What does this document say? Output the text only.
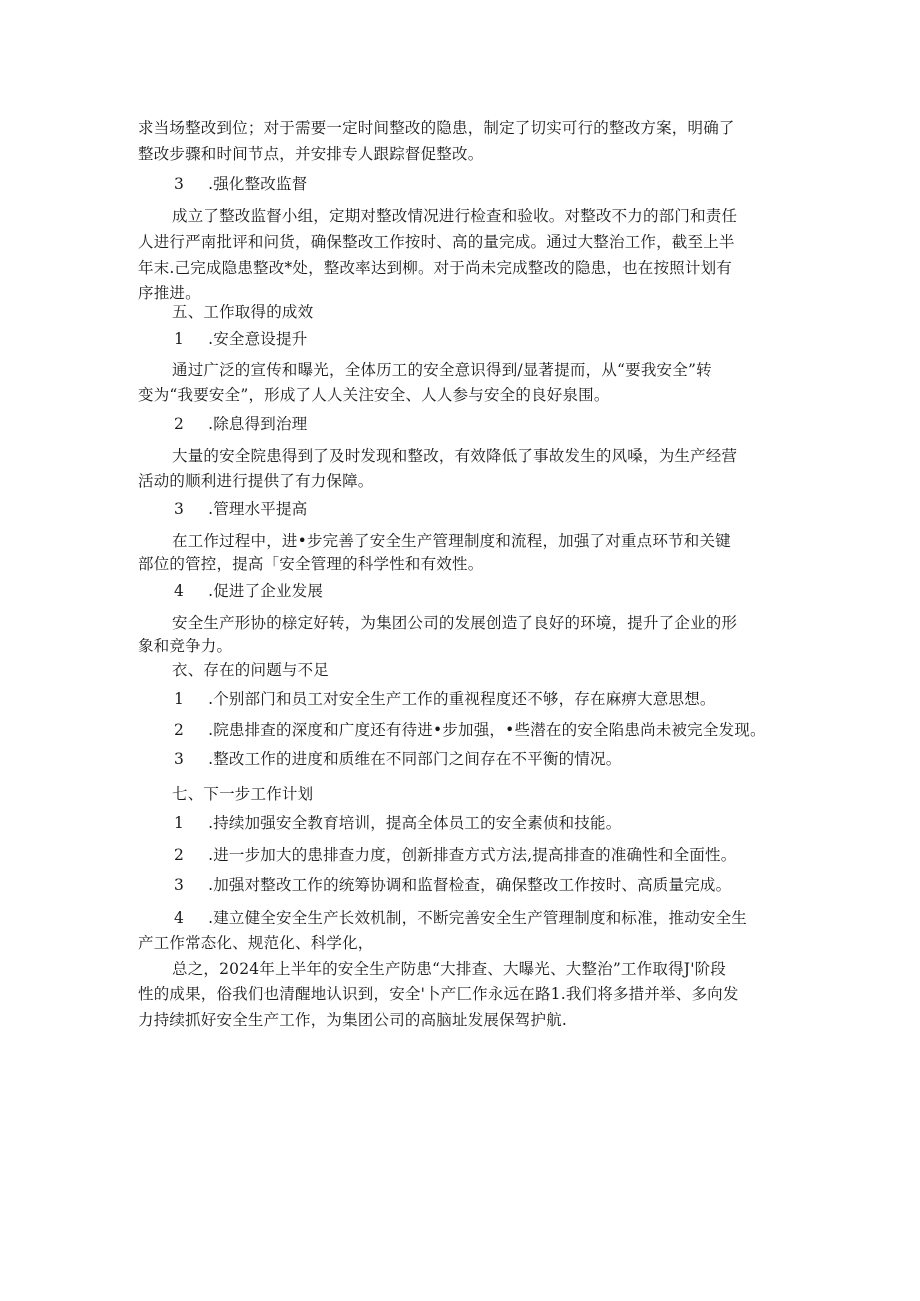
求当场整改到位；对于需要一定时间整改的隐患，制定了切实可行的整改方案，明确了
整改步骤和时间节点，并安排专人跟踪督促整改。
3 .强化整改监督
成立了整改监督小组，定期对整改情况进行检查和验收。对整改不力的部门和责任
人进行严南批评和问货，确保整改工作按时、高的量完成。通过大整治工作，截至上半
年末.己完成隐患整改*处，整改率达到柳。对于尚未完成整改的隐患，也在按照计划有
序推进。
五、工作取得的成效
1 .安全意设提升
通过广泛的宣传和曝光，全体历工的安全意识得到/显著提而，从“要我安全”转
变为“我要安全”，形成了人人关注安全、人人参与安全的良好泉围。
2 .除息得到治理
大量的安全院患得到了及时发现和整改，有效降低了事故发生的风嗓，为生产经营
活动的顺利进行提供了有力保障。
3 .管理水平提高
在工作过程中，进•步完善了安全生产管理制度和流程，加强了对重点环节和关键
部位的管控，提高「安全管理的科学性和有效性。
4 .促进了企业发展
安全生产形协的榇定好转，为集团公司的发展创造了良好的环境，提升了企业的形
象和竞争力。
衣、存在的问题与不足
1 .个别部门和员工对安全生产工作的重视程度还不够，存在麻痹大意思想。
2 .院患排查的深度和广度还有待进•步加强，•些潜在的安全陷患尚未被完全发现。
3 .整改工作的进度和质维在不同部门之间存在不平衡的情况。
七、下一步工作计划
1 .持续加强安全教育培训，提高全体员工的安全素侦和技能。
2 .进一步加大的患排查力度，创新排查方式方法,提高排查的准确性和全面性。
3 .加强对整改工作的统筹协调和监督检查，确保整改工作按时、高质量完成。
4 .建立健全安全生产长效机制，不断完善安全生产管理制度和标准，推动安全生
产工作常态化、规范化、科学化，
总之，2024年上半年的安全生产防患“大排查、大曝光、大整治”工作取得J'阶段
性的成果，俗我们也清醒地认识到，安全'卜产匚作永远在路1.我们将多措并举、多向发
力持续抓好安全生产工作，为集团公司的高脑址发展保驾护航.
